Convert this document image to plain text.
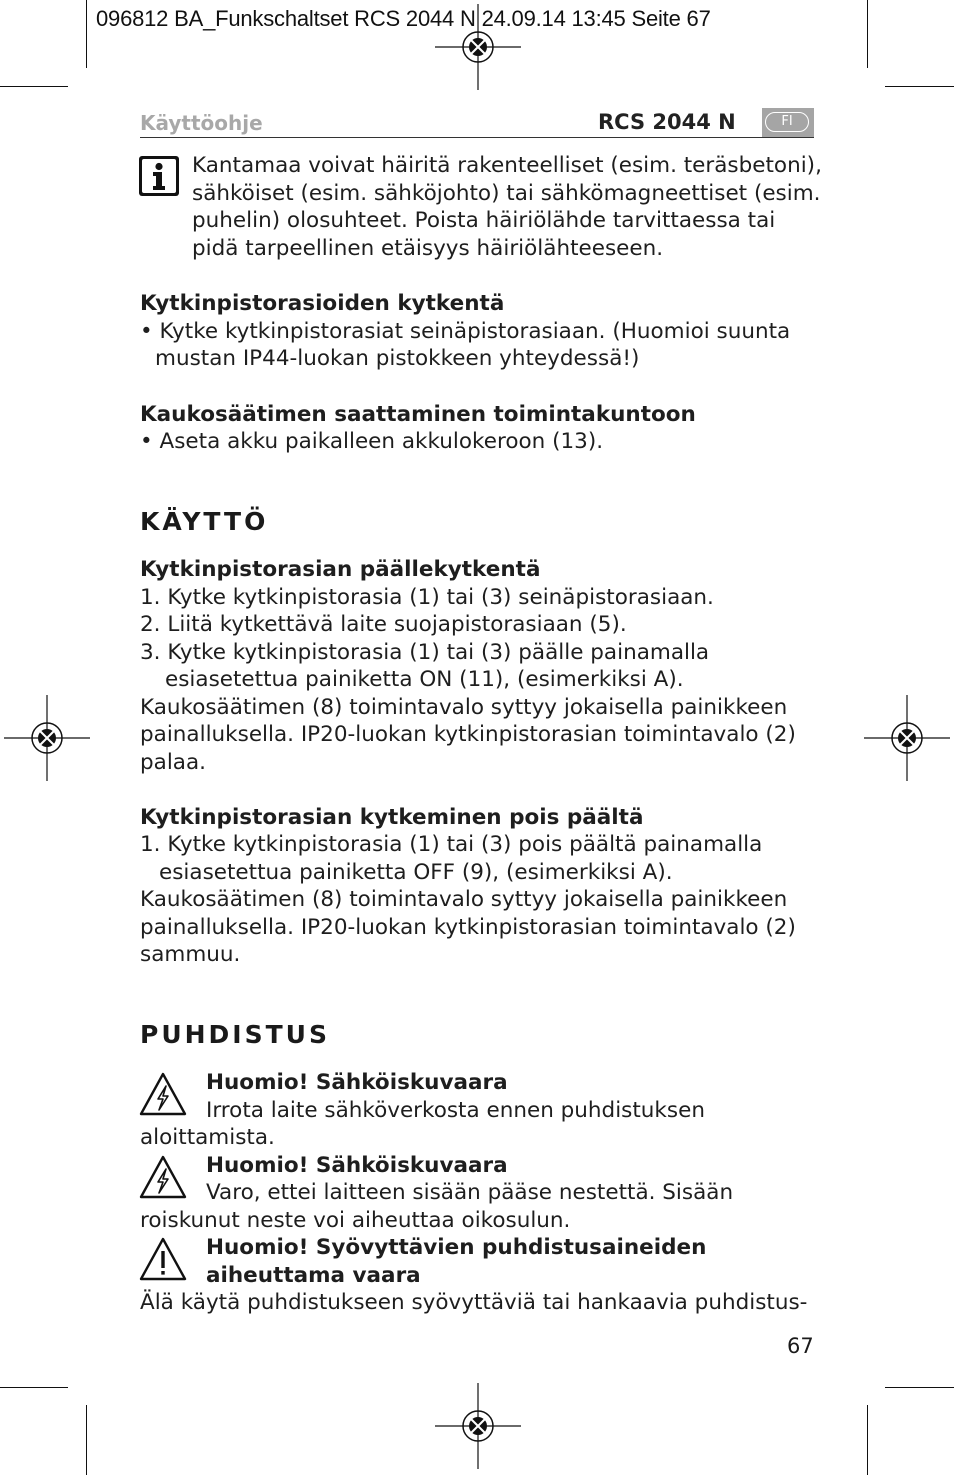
096812 BA_Funkschaltset RCS 2044 N 24.09.14 13:45 Seite 67
Käyttöohje	RCS 2044 N	FI
Kantamaa voivat häiritä rakenteelliset (esim. teräsbetoni),
sähköiset (esim. sähköjohto) tai sähkömagneettiset (esim.
puhelin) olosuhteet. Poista häiriölähde tarvittaessa tai
pidä tarpeellinen etäisyys häiriölähteeseen.
Kytkinpistorasioiden kytkentä
• Kytke kytkinpistorasiat seinäpistorasiaan. (Huomioi suunta
mustan IP44-luokan pistokkeen yhteydessä!)
Kaukosäätimen saattaminen toimintakuntoon
• Aseta akku paikalleen akkulokeroon (13).
KÄYTTÖ
Kytkinpistorasian päällekytkentä
1. Kytke kytkinpistorasia (1) tai (3) seinäpistorasiaan.
2. Liitä kytkettävä laite suojapistorasiaan (5).
3. Kytke kytkinpistorasia (1) tai (3) päälle painamalla
esiasetettua painiketta ON (11), (esimerkiksi A).
Kaukosäätimen (8) toimintavalo syttyy jokaisella painikkeen
painalluksella. IP20-luokan kytkinpistorasian toimintavalo (2)
palaa.
Kytkinpistorasian kytkeminen pois päältä
1. Kytke kytkinpistorasia (1) tai (3) pois päältä painamalla
esiasetettua painiketta OFF (9), (esimerkiksi A).
Kaukosäätimen (8) toimintavalo syttyy jokaisella painikkeen
painalluksella. IP20-luokan kytkinpistorasian toimintavalo (2)
sammuu.
PUHDISTUS
Huomio! Sähköiskuvaara
Irrota laite sähköverkosta ennen puhdistuksen
aloittamista.
Huomio! Sähköiskuvaara
Varo, ettei laitteen sisään pääse nestettä. Sisään
roiskunut neste voi aiheuttaa oikosulun.
Huomio! Syövyttävien puhdistusaineiden
aiheuttama vaara
Älä käytä puhdistukseen syövyttäviä tai hankaavia puhdistus-
67
